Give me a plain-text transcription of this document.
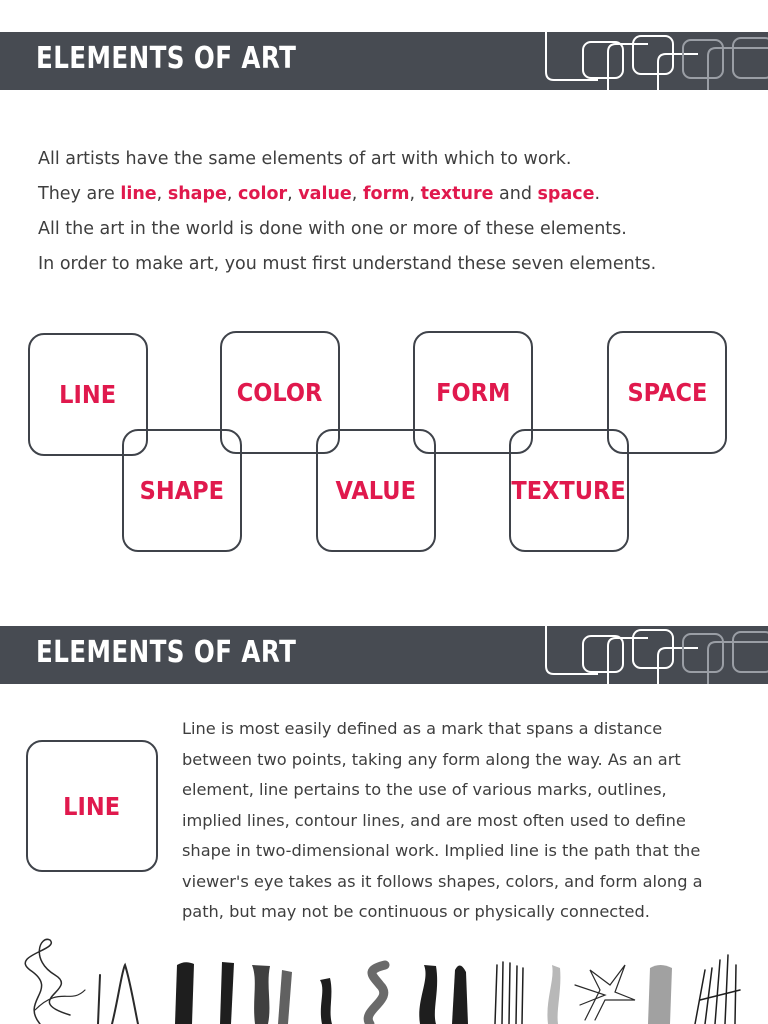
ELEMENTS OF ART

All artists have the same elements of art with which to work.

They are line, shape, color, value, form, texture and space.

All the art in the world is done with one or more of these elements.

In order to make art, you must first understand these seven elements.

LINE	COLOR	FORM	SPACE
SHAPE	VALUE	TEXTURE
ELEMENTS OF ART
LINE

Line is most easily defined as a mark that spans a distance

between two points, taking any form along the way. As an art

element, line pertains to the use of various marks, outlines,

implied lines, contour lines, and are most often used to define

shape in two-dimensional work. Implied line is the path that the

viewer's eye takes as it follows shapes, colors, and form along a

path, but may not be continuous or physically connected.
